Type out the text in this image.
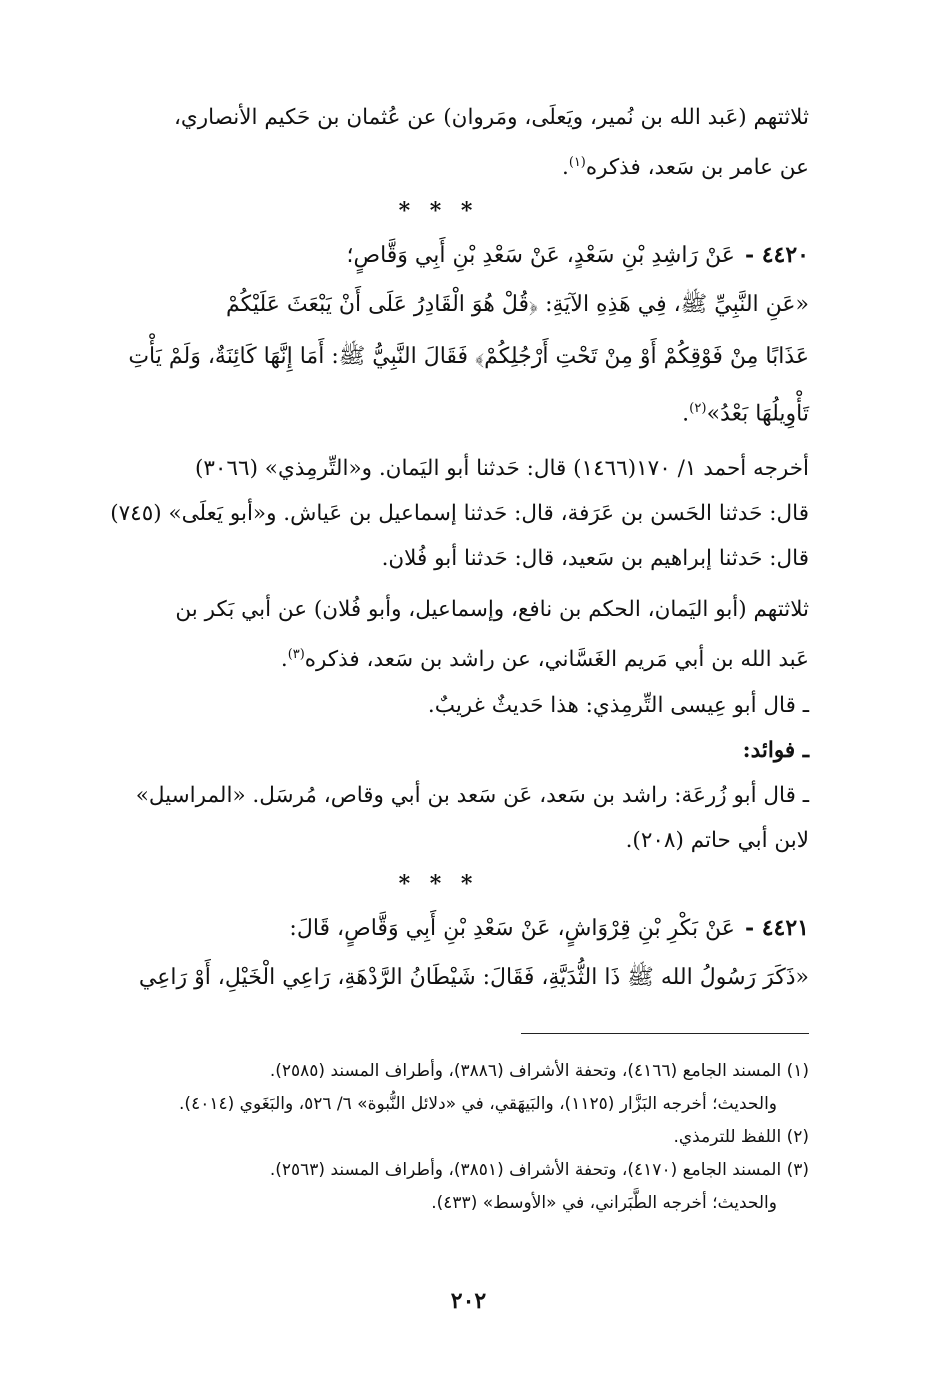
ثلاثتهم (عَبد الله بن نُمير، ويَعلَى، ومَروان) عن عُثمان بن حَكيم الأنصاري،

عن عامر بن سَعد، فذكره$^{(١)}$.

* * *

٤٤٢٠ -عَنْ رَاشِدِ بْنِ سَعْدٍ، عَنْ سَعْدِ بْنِ أَبِي وَقَّاصٍ؛

«عَنِ النَّبِيِّ ﷺ، فِي هَذِهِ الآيَةِ: ﴿قُلْ هُوَ الْقَادِرُ عَلَى أَنْ يَبْعَثَ عَلَيْكُمْ

عَذَابًا مِنْ فَوْقِكُمْ أَوْ مِنْ تَحْتِ أَرْجُلِكُمْ﴾ فَقَالَ النَّبِيُّ ﷺ: أَمَا إِنَّهَا كَائِنَةٌ، وَلَمْ يَأْتِ

تَأْوِيلُهَا بَعْدُ»$^{(٢)}$.

أخرجه أحمد ١/ ١٧٠(١٤٦٦) قال: حَدثنا أبو اليَمان. و«التِّرمِذي» (٣٠٦٦)

قال: حَدثنا الحَسن بن عَرَفة، قال: حَدثنا إسماعيل بن عَياش. و«أبو يَعلَى» (٧٤٥)

قال: حَدثنا إبراهيم بن سَعيد، قال: حَدثنا أبو فُلان.

ثلاثتهم (أبو اليَمان، الحكم بن نافع، وإسماعيل، وأبو فُلان) عن أبي بَكر بن

عَبد الله بن أبي مَريم الغَسَّاني، عن راشد بن سَعد، فذكره$^{(٣)}$.

ـ قال أبو عِيسى التِّرمِذي: هذا حَديثٌ غريبٌ.

ـ فوائد:

ـ قال أبو زُرعَة: راشد بن سَعد، عَن سَعد بن أبي وقاص، مُرسَل. «المراسيل»

لابن أبي حاتم (٢٠٨).

* * *

٤٤٢١ -عَنْ بَكْرِ بْنِ قِرْوَاشٍ، عَنْ سَعْدِ بْنِ أَبِي وَقَّاصٍ، قَالَ:

«ذَكَرَ رَسُولُ الله ﷺ ذَا الثُّدَيَّةِ، فَقَالَ: شَيْطَانُ الرَّدْهَةِ، رَاعِي الْخَيْلِ، أَوْ رَاعِي

(١) المسند الجامع (٤١٦٦)، وتحفة الأشراف (٣٨٨٦)، وأطراف المسند (٢٥٨٥).

والحديث؛ أخرجه البَزَّار (١١٢٥)، والبَيهَقي، في «دلائل النُّبوة» ٦/ ٥٢٦، والبَغَوي (٤٠١٤).

(٢) اللفظ للترمذي.

(٣) المسند الجامع (٤١٧٠)، وتحفة الأشراف (٣٨٥١)، وأطراف المسند (٢٥٦٣).

والحديث؛ أخرجه الطَّبَراني، في «الأوسط» (٤٣٣).

٢٠٢
